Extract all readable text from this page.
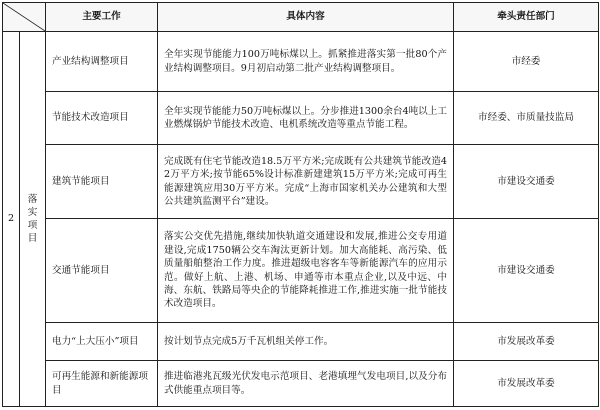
	主要工作	具体内容	牵头责任部门
2	落实项目	产业结构调整项目	全年实现节能能力100万吨标煤以上。抓紧推进落实第一批80个产业结构调整项目。9月初启动第二批产业结构调整项目。	市经委
		节能技术改造项目	全年实现节能能力50万吨标煤以上。分步推进1300余台4吨以上工业燃煤锅炉节能技术改造、电机系统改造等重点节能工程。	市经委、市质量技监局
		建筑节能项目	完成既有住宅节能改造18.5万平方米;完成既有公共建筑节能改造42万平方米;按节能65%设计标准新建建筑15万平方米;完成可再生能源建筑应用30万平方米。完成“上海市国家机关办公建筑和大型公共建筑监测平台”建设。	市建设交通委
		交通节能项目	落实公交优先措施,继续加快轨道交通建设和发展,推进公交专用道建设,完成1750辆公交车淘汰更新计划。加大高能耗、高污染、低质量船舶整治工作力度。推进超级电容客车等新能源汽车的应用示范。做好上航、上港、机场、申通等市本重点企业,以及中远、中海、东航、铁路局等央企的节能降耗推进工作,推进实施一批节能技术改造项目。	市建设交通委
		电力“上大压小”项目	按计划节点完成5万千瓦机组关停工作。	市发展改革委
		可再生能源和新能源项目	推进临港兆瓦级光伏发电示范项目、老港填埋气发电项目,以及分布式供能重点项目等。	市发展改革委
